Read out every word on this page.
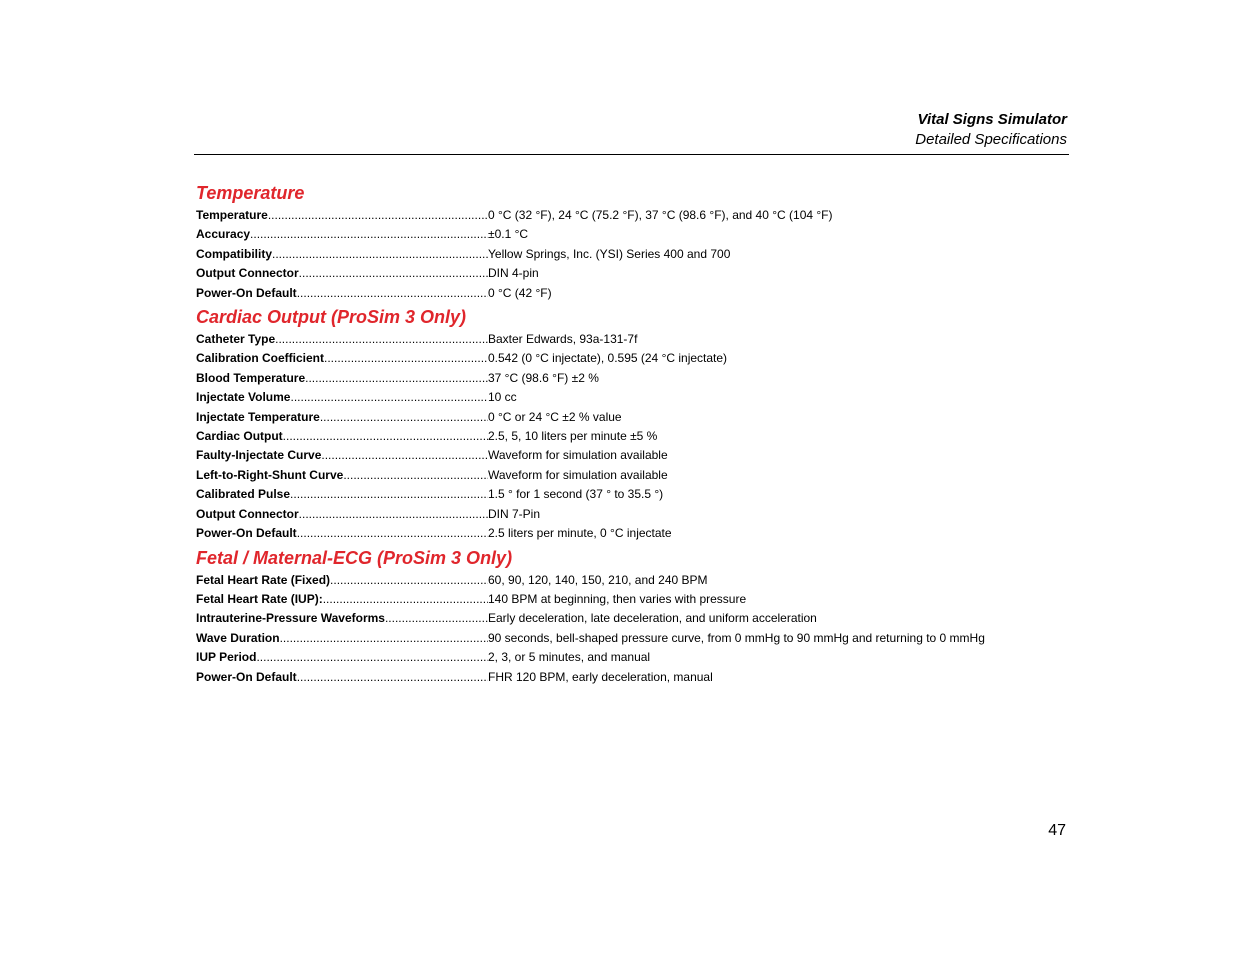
Vital Signs Simulator
Detailed Specifications
Temperature
Temperature .....	0 °C (32 °F), 24 °C (75.2 °F), 37 °C (98.6 °F), and 40 °C (104 °F)
Accuracy .....	±0.1 °C
Compatibility .....	Yellow Springs, Inc. (YSI) Series 400 and 700
Output Connector .....	DIN 4-pin
Power-On Default .....	0 °C (42 °F)
Cardiac Output (ProSim 3 Only)
Catheter Type .....	Baxter Edwards, 93a-131-7f
Calibration Coefficient .....	0.542 (0 °C injectate), 0.595 (24 °C injectate)
Blood Temperature .....	37 °C (98.6 °F) ±2 %
Injectate Volume .....	10 cc
Injectate Temperature .....	0 °C or 24 °C ±2 % value
Cardiac Output .....	2.5, 5, 10 liters per minute ±5 %
Faulty-Injectate Curve .....	Waveform for simulation available
Left-to-Right-Shunt Curve .....	Waveform for simulation available
Calibrated Pulse .....	1.5 ° for 1 second (37 ° to 35.5 °)
Output Connector .....	DIN 7-Pin
Power-On Default .....	2.5 liters per minute, 0 °C injectate
Fetal / Maternal-ECG (ProSim 3 Only)
Fetal Heart Rate (Fixed) .....	60, 90, 120, 140, 150, 210, and 240 BPM
Fetal Heart Rate (IUP): .....	140 BPM at beginning, then varies with pressure
Intrauterine-Pressure Waveforms .....	Early deceleration, late deceleration, and uniform acceleration
Wave Duration .....	90 seconds, bell-shaped pressure curve, from 0 mmHg to 90 mmHg and returning to 0 mmHg
IUP Period .....	2, 3, or 5 minutes, and manual
Power-On Default .....	FHR 120 BPM, early deceleration, manual
47
